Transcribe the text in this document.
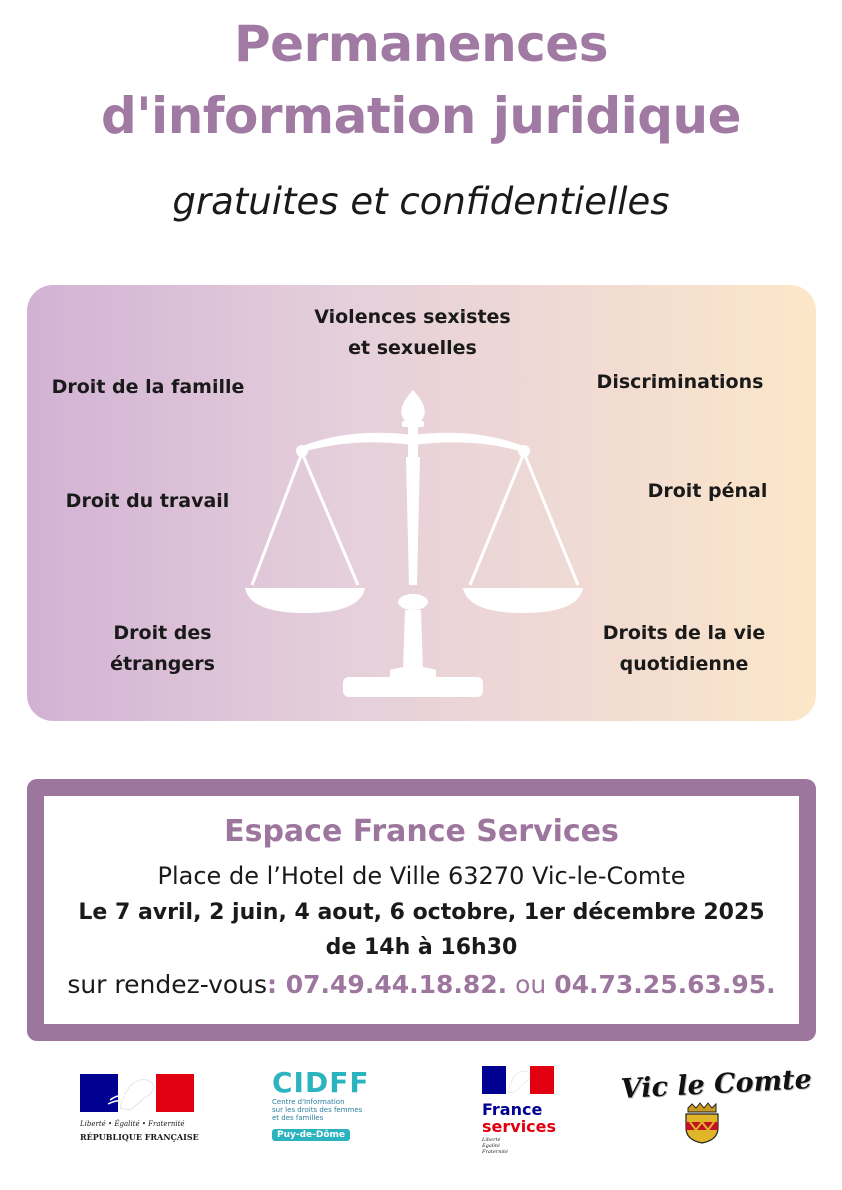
Permanences
d'information juridique
gratuites et confidentielles
Violences sexistes
et sexuelles
Droit de la famille	Discriminations
Droit du travail	Droit pénal
Droit des
étrangers
Droits de la vie
quotidienne
Espace France Services
Place de l’Hotel de Ville 63270 Vic-le-Comte
Le 7 avril, 2 juin, 4 aout, 6 octobre, 1er décembre 2025
de 14h à 16h30
sur rendez-vous: 07.49.44.18.82. ou 04.73.25.63.95.
Liberté • Égalité • Fraternité
RÉPUBLIQUE FRANÇAISE
CIDFF
Centre d'Information
sur les droits des femmes
et des familles
Puy-de-Dôme
France
services
Liberté
Égalité
Fraternité
Vic le Comte
